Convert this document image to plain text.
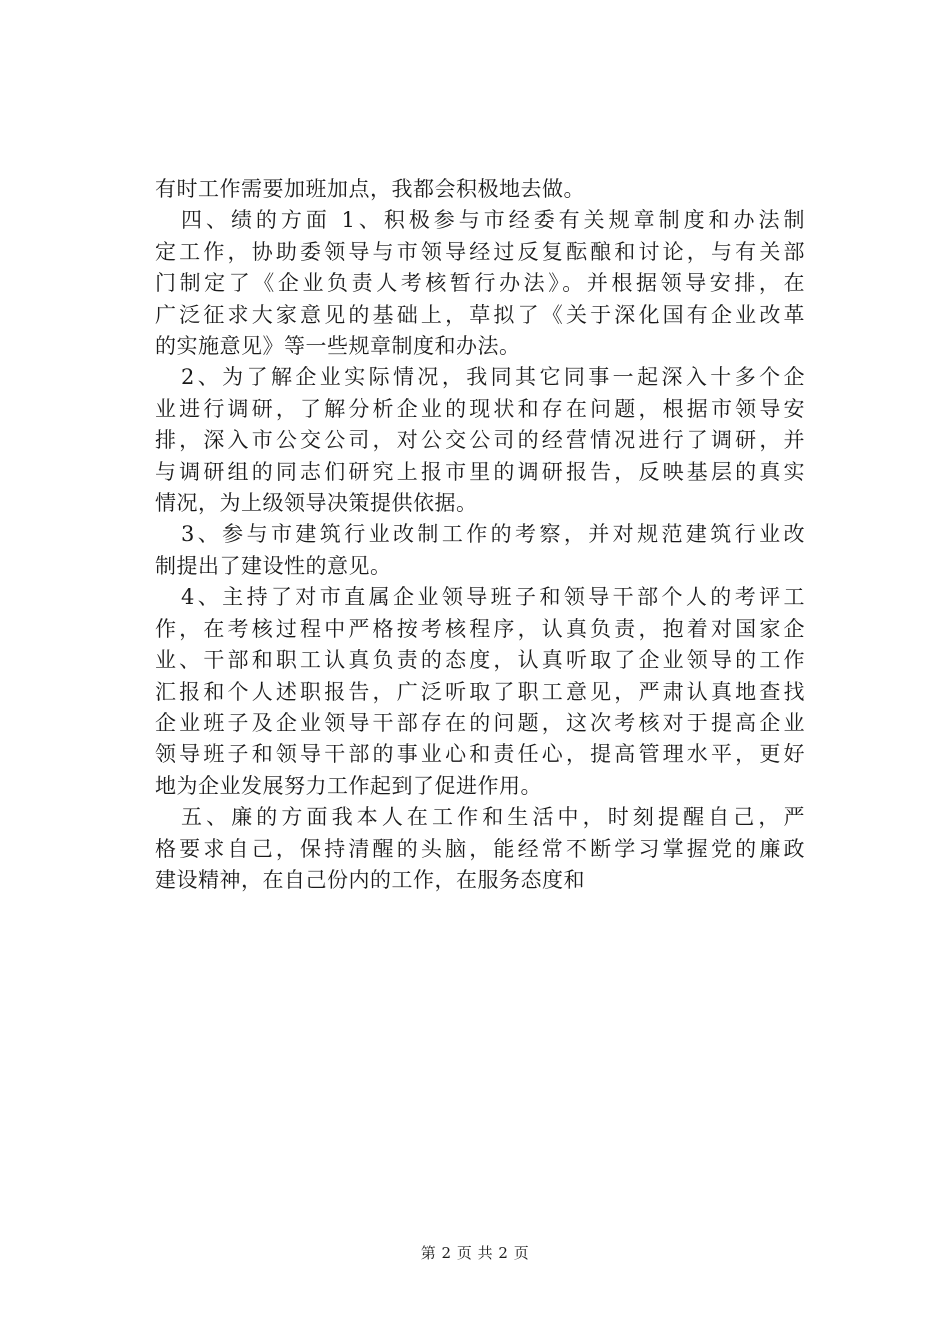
有时工作需要加班加点，我都会积极地去做。
四、绩的方面 1、积极参与市经委有关规章制度和办法制
定工作，协助委领导与市领导经过反复酝酿和讨论，与有关部
门制定了《企业负责人考核暂行办法》。并根据领导安排，在
广泛征求大家意见的基础上，草拟了《关于深化国有企业改革
的实施意见》等一些规章制度和办法。
2、为了解企业实际情况，我同其它同事一起深入十多个企
业进行调研，了解分析企业的现状和存在问题，根据市领导安
排，深入市公交公司，对公交公司的经营情况进行了调研，并
与调研组的同志们研究上报市里的调研报告，反映基层的真实
情况，为上级领导决策提供依据。
3、参与市建筑行业改制工作的考察，并对规范建筑行业改
制提出了建设性的意见。
4、主持了对市直属企业领导班子和领导干部个人的考评工
作，在考核过程中严格按考核程序，认真负责，抱着对国家企
业、干部和职工认真负责的态度，认真听取了企业领导的工作
汇报和个人述职报告，广泛听取了职工意见，严肃认真地查找
企业班子及企业领导干部存在的问题，这次考核对于提高企业
领导班子和领导干部的事业心和责任心，提高管理水平，更好
地为企业发展努力工作起到了促进作用。
五、廉的方面我本人在工作和生活中，时刻提醒自己，严
格要求自己，保持清醒的头脑，能经常不断学习掌握党的廉政
建设精神，在自己份内的工作，在服务态度和
第 2 页 共 2 页
